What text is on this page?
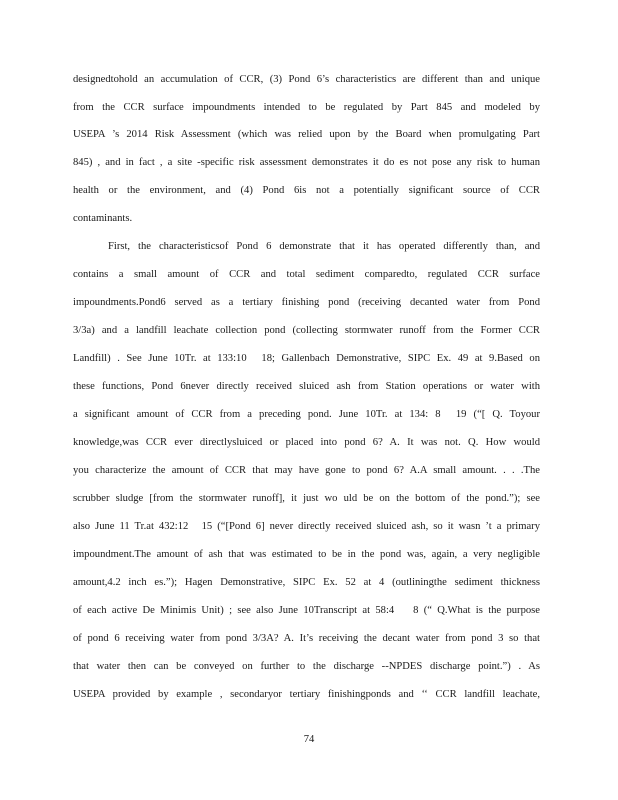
designedtohold an accumulation of CCR, (3) Pond 6’s characteristics are different than and unique
from the CCR surface impoundments intended to be regulated by Part 845 and modeled by
USEPA ’s 2014 Risk Assessment (which was relied upon by the Board when promulgating Part
845) , and in fact , a site -specific risk assessment demonstrates it do es not pose any risk to human
health or the environment, and (4) Pond 6is not a potentially significant source of CCR
contaminants.
First, the characteristicsof Pond 6 demonstrate that it has operated differently than, and
contains a small amount of CCR and total sediment comparedto, regulated CCR surface
impoundments.Pond6 served as a tertiary finishing pond (receiving decanted water from Pond
3/3a) and a landfill leachate collection pond (collecting stormwater runoff from the Former CCR
Landfill) . See June 10Tr. at 133:10 ￿18; Gallenbach Demonstrative, SIPC Ex. 49 at 9.Based on
these functions, Pond 6never directly received sluiced ash from Station operations or water with
a significant amount of CCR from a preceding pond. June 10Tr. at 134: 8 ￿19 (“[ Q. Toyour
knowledge,was CCR ever directlysluiced or placed into pond 6? A. It was not. Q. How would
you characterize the amount of CCR that may have gone to pond 6? A.A small amount. . . .The
scrubber sludge [from the stormwater runoff], it just wo uld be on the bottom of the pond.”); see
also June 11 Tr.at 432:12 ￿15 (“[Pond 6] never directly received sluiced ash, so it wasn ’t a primary
impoundment.The amount of ash that was estimated to be in the pond was, again, a very negligible
amount,4.2 inch es.”); Hagen Demonstrative, SIPC Ex. 52 at 4 (outliningthe sediment thickness
of each active De Minimis Unit) ; see also June 10Transcript at 58:4 ￿ 8 (“ Q.What is the purpose
of pond 6 receiving water from pond 3/3A? A. It’s receiving the decant water from pond 3 so that
that water then can be conveyed on further to the discharge --NPDES discharge point.”) . As
USEPA provided by example , secondaryor tertiary finishingponds and ‘‘ CCR landfill leachate,
74
